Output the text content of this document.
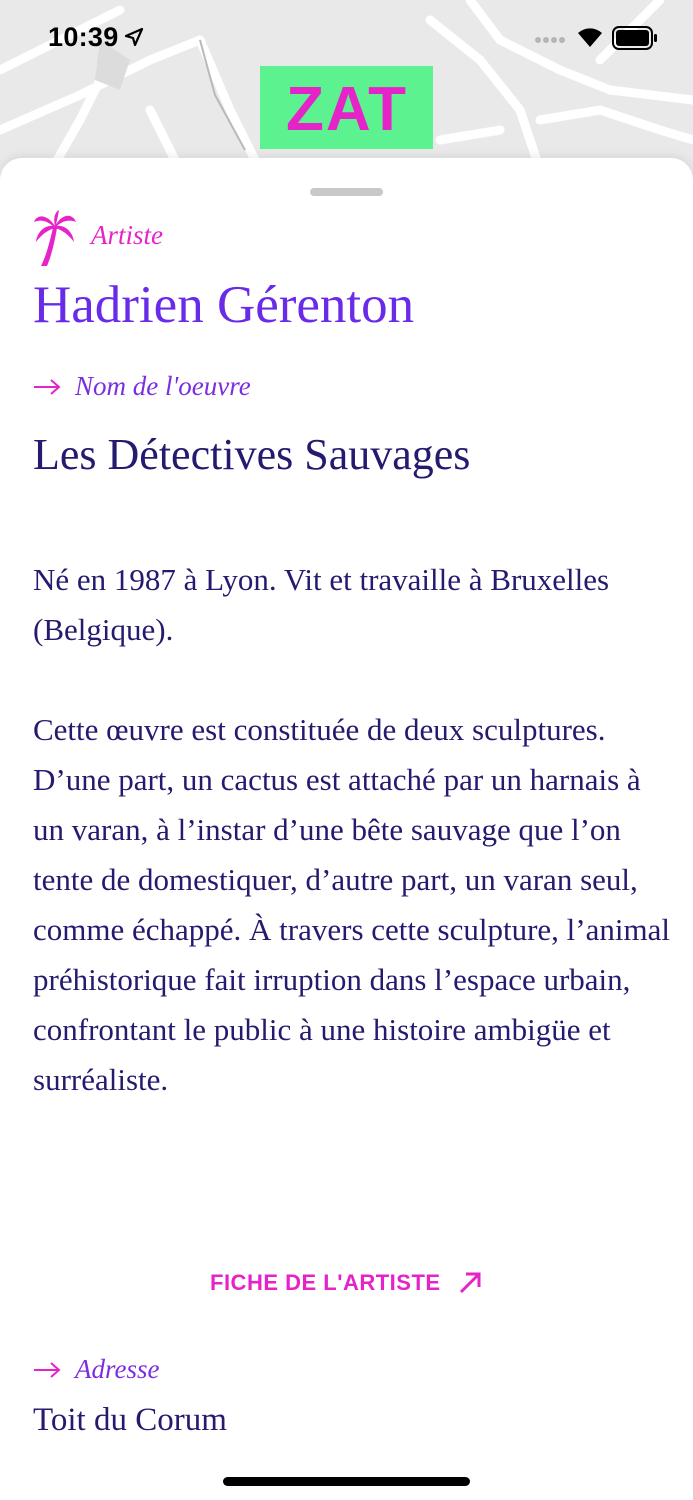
10:39
ZAT
Artiste
Hadrien Gérenton
Nom de l'oeuvre
Les Détectives Sauvages

Né en 1987 à Lyon. Vit et travaille à Bruxelles (Belgique).

Cette œuvre est constituée de deux sculptures. D’une part, un cactus est attaché par un harnais à un varan, à l’instar d’une bête sauvage que l’on tente de domestiquer, d’autre part, un varan seul, comme échappé. À travers cette sculpture, l’animal préhistorique fait irruption dans l’espace urbain, confrontant le public à une histoire ambigüe et surréaliste.

FICHE DE L'ARTISTE
Adresse

Toit du Corum
